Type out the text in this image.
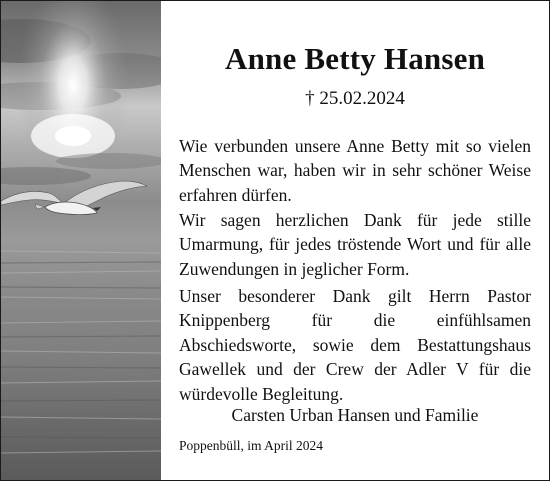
Anne Betty Hansen
† 25.02.2024

Wie verbunden unsere Anne Betty mit so vielen Menschen war, haben wir in sehr schöner Weise erfahren dürfen.

Wir sagen herzlichen Dank für jede stille Umarmung, für jedes tröstende Wort und für alle Zuwendungen in jeglicher Form.

Unser besonderer Dank gilt Herrn Pastor Knippenberg für die einfühlsamen Abschiedsworte, sowie dem Bestattungshaus Gawellek und der Crew der Adler V für die würdevolle Begleitung.

Carsten Urban Hansen und Familie
Poppenbüll, im April 2024
